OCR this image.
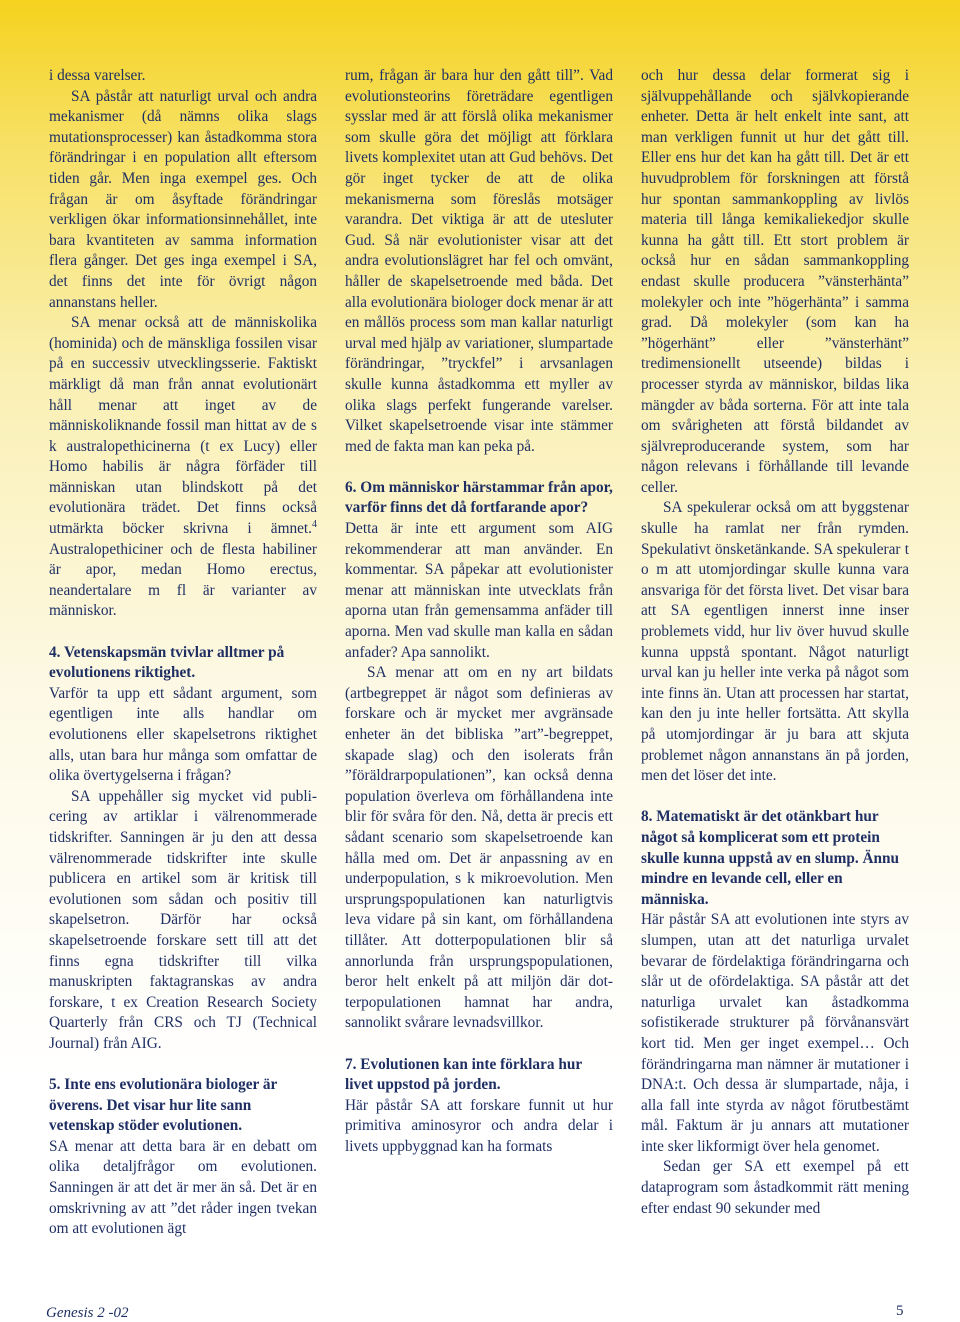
i dessa varelser.

SA påstår att naturligt urval och andra mekanismer (då nämns olika slags mutationsprocesser) kan åstadkomma stora förändringar i en population allt eftersom tiden går. Men inga exempel ges. Och frågan är om åsyftade förändringar verkligen ökar informationsinnehållet, inte bara kvantiteten av samma information flera gånger. Det ges inga exempel i SA, det finns det inte för övrigt någon annanstans heller.

SA menar också att de människolika (hominida) och de mänskliga fossilen visar på en successiv utvecklingsserie. Faktiskt märkligt då man från annat evolutionärt håll menar att inget av de människoliknande fossil man hittat av de s k australopethicinerna (t ex Lucy) eller Homo habilis är några förfäder till människan utan blindskott på det evolutionära trädet. Det finns också utmärkta böcker skrivna i ämnet.$^4$ Australopethiciner och de flesta habiliner är apor, medan Homo erectus, neandertalare m fl är varianter av människor.

4. Vetenskapsmän tvivlar alltmer på evolutionens riktighet.

Varför ta upp ett sådant argument, som egentligen inte alls handlar om evolutionens eller skapelsetrons riktighet alls, utan bara hur många som omfattar de olika övertygelserna i frågan?

SA uppehåller sig mycket vid publicering av artiklar i välrenommerade tidskrifter. Sanningen är ju den att dessa välrenommerade tidskrifter inte skulle publicera en artikel som är kritisk till evolutionen som sådan och positiv till skapelsetron. Därför har också skapelsetroende forskare sett till att det finns egna tidskrifter till vilka manuskripten faktagranskas av andra forskare, t ex Creation Research Society Quarterly från CRS och TJ (Technical Journal) från AIG.

5. Inte ens evolutionära biologer är överens. Det visar hur lite sann vetenskap stöder evolutionen.

SA menar att detta bara är en debatt om olika detaljfrågor om evolutionen. Sanningen är att det är mer än så. Det är en omskrivning av att ”det råder ingen tvekan om att evolutionen ägt

rum, frågan är bara hur den gått till”. Vad evolutionsteorins företrädare egentligen sysslar med är att förslå olika mekanismer som skulle göra det möjligt att förklara livets komplexitet utan att Gud behövs. Det gör inget tycker de att de olika mekanismerna som föreslås motsäger varandra. Det viktiga är att de utesluter Gud. Så när evolutionister visar att det andra evolutionslägret har fel och omvänt, håller de skapelsetroende med båda. Det alla evolutionära biologer dock menar är att en mållös process som man kallar naturligt urval med hjälp av variationer, slumpartade förändringar, ”tryckfel” i arvsanlagen skulle kunna åstadkomma ett myller av olika slags perfekt fungerande varelser. Vilket skapelsetroende visar inte stämmer med de fakta man kan peka på.

6. Om människor härstammar från apor, varför finns det då fortfarande apor?

Detta är inte ett argument som AIG rekommenderar att man använder. En kommentar. SA påpekar att evolutionister menar att människan inte utvecklats från aporna utan från gemensamma anfäder till aporna. Men vad skulle man kalla en sådan anfader? Apa sannolikt.

SA menar att om en ny art bildats (artbegreppet är något som definieras av forskare och är mycket mer avgränsade enheter än det bibliska ”art”-begreppet, skapade slag) och den isolerats från ”föräldrarpopulationen”, kan också denna population överleva om förhållandena inte blir för svåra för den. Nå, detta är precis ett sådant scenario som skapelsetroende kan hålla med om. Det är anpassning av en underpopulation, s k mikroevolution. Men ursprungspopulationen kan naturligtvis leva vidare på sin kant, om förhållandena tillåter. Att dotterpopulationen blir så annorlunda från ursprungspopulationen, beror helt enkelt på att miljön där dotterpopulationen hamnat har andra, sannolikt svårare levnadsvillkor.

7. Evolutionen kan inte förklara hur livet uppstod på jorden.

Här påstår SA att forskare funnit ut hur primitiva aminosyror och andra delar i livets uppbyggnad kan ha formats

och hur dessa delar formerat sig i självuppehållande och självkopierande enheter. Detta är helt enkelt inte sant, att man verkligen funnit ut hur det gått till. Eller ens hur det kan ha gått till. Det är ett huvudproblem för forskningen att förstå hur spontan sammankoppling av livlös materia till långa kemikaliekedjor skulle kunna ha gått till. Ett stort problem är också hur en sådan sammankoppling endast skulle producera ”vänsterhänta” molekyler och inte ”högerhänta” i samma grad. Då molekyler (som kan ha ”högerhänt” eller ”vänsterhänt” tredimensionellt utseende) bildas i processer styrda av människor, bildas lika mängder av båda sorterna. För att inte tala om svårigheten att förstå bildandet av självreproducerande system, som har någon relevans i förhållande till levande celler.

SA spekulerar också om att byggstenar skulle ha ramlat ner från rymden. Spekulativt önsketänkande. SA spekulerar t o m att utomjordingar skulle kunna vara ansvariga för det första livet. Det visar bara att SA egentligen innerst inne inser problemets vidd, hur liv över huvud skulle kunna uppstå spontant. Något naturligt urval kan ju heller inte verka på något som inte finns än. Utan att processen har startat, kan den ju inte heller fortsätta. Att skylla på utomjordingar är ju bara att skjuta problemet någon annanstans än på jorden, men det löser det inte.

8. Matematiskt är det otänkbart hur något så komplicerat som ett protein skulle kunna uppstå av en slump. Ännu mindre en levande cell, eller en människa.

Här påstår SA att evolutionen inte styrs av slumpen, utan att det naturliga urvalet bevarar de fördelaktiga förändringarna och slår ut de ofördelaktiga. SA påstår att det naturliga urvalet kan åstadkomma sofistikerade strukturer på förvånansvärt kort tid. Men ger inget exempel… Och förändringarna man nämner är mutationer i DNA:t. Och dessa är slumpartade, nåja, i alla fall inte styrda av något förutbestämt mål. Faktum är ju annars att mutationer inte sker likformigt över hela genomet.

Sedan ger SA ett exempel på ett dataprogram som åstadkommit rätt mening efter endast 90 sekunder med

Genesis 2 -02	5
